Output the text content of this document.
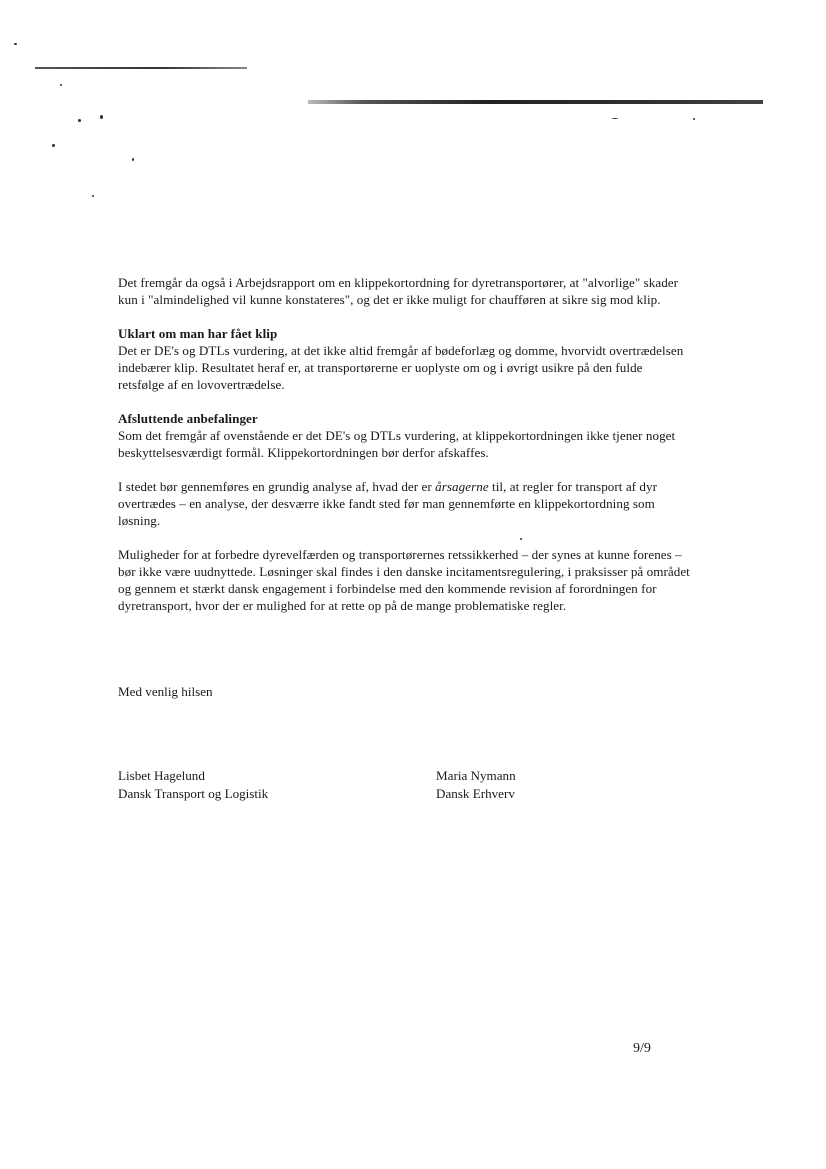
Det fremgår da også i Arbejdsrapport om en klippekortordning for dyretransportører, at "alvorlige" skader kun i "almindelighed vil kunne konstateres", og det er ikke muligt for chaufføren at sikre sig mod klip.

Uklart om man har fået klip
Det er DE's og DTLs vurdering, at det ikke altid fremgår af bødeforlæg og domme, hvorvidt overtrædelsen indebærer klip. Resultatet heraf er, at transportørerne er uoplyste om og i øvrigt usikre på den fulde retsfølge af en lovovertrædelse.

Afsluttende anbefalinger
Som det fremgår af ovenstående er det DE's og DTLs vurdering, at klippekortordningen ikke tjener noget beskyttelsesværdigt formål. Klippekortordningen bør derfor afskaffes.

I stedet bør gennemføres en grundig analyse af, hvad der er årsagerne til, at regler for transport af dyr overtrædes – en analyse, der desværre ikke fandt sted før man gennemførte en klippekortordning som løsning.

Muligheder for at forbedre dyrevelfærden og transportørernes retssikkerhed – der synes at kunne forenes – bør ikke være uudnyttede. Løsninger skal findes i den danske incitamentsregulering, i praksisser på området og gennem et stærkt dansk engagement i forbindelse med den kommende revision af forordningen for dyretransport, hvor der er mulighed for at rette op på de mange problematiske regler.

Med venlig hilsen
Lisbet Hagelund
Dansk Transport og Logistik
Maria Nymann
Dansk Erhverv
9/9
